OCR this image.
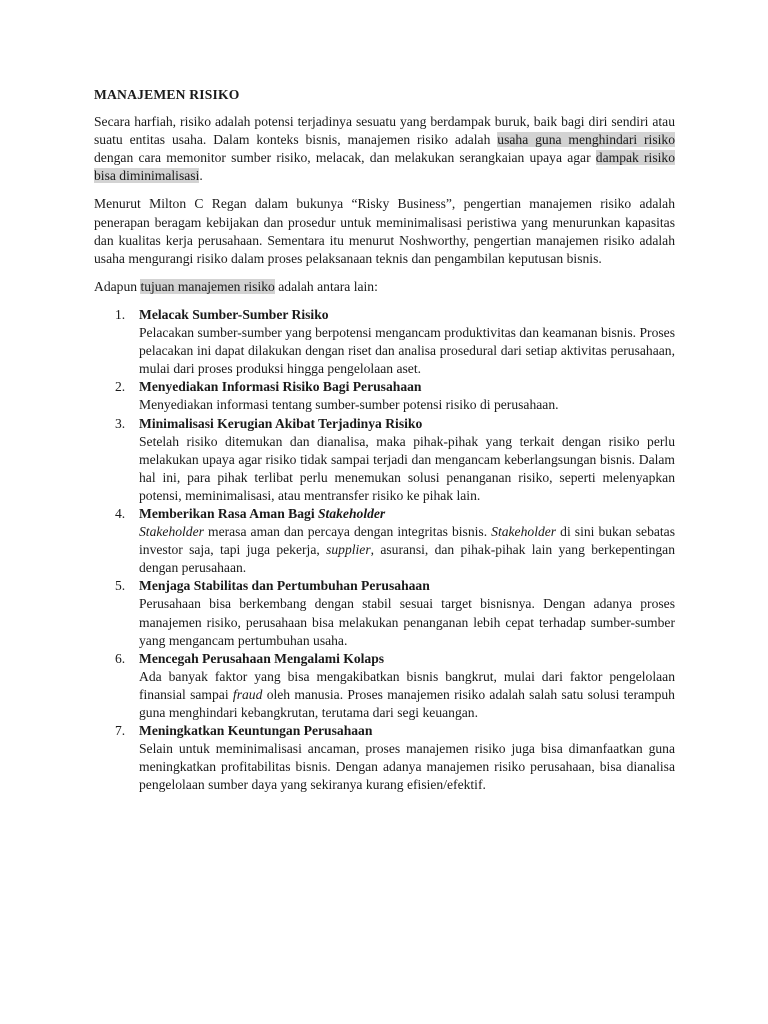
MANAJEMEN RISIKO

Secara harfiah, risiko adalah potensi terjadinya sesuatu yang berdampak buruk, baik bagi diri sendiri atau suatu entitas usaha. Dalam konteks bisnis, manajemen risiko adalah usaha guna menghindari risiko dengan cara memonitor sumber risiko, melacak, dan melakukan serangkaian upaya agar dampak risiko bisa diminimalisasi.

Menurut Milton C Regan dalam bukunya “Risky Business”, pengertian manajemen risiko adalah penerapan beragam kebijakan dan prosedur untuk meminimalisasi peristiwa yang menurunkan kapasitas dan kualitas kerja perusahaan. Sementara itu menurut Noshworthy, pengertian manajemen risiko adalah usaha mengurangi risiko dalam proses pelaksanaan teknis dan pengambilan keputusan bisnis.

Adapun tujuan manajemen risiko adalah antara lain:

1. Melacak Sumber-Sumber Risiko
Pelacakan sumber-sumber yang berpotensi mengancam produktivitas dan keamanan bisnis. Proses pelacakan ini dapat dilakukan dengan riset dan analisa prosedural dari setiap aktivitas perusahaan, mulai dari proses produksi hingga pengelolaan aset.
2. Menyediakan Informasi Risiko Bagi Perusahaan
Menyediakan informasi tentang sumber-sumber potensi risiko di perusahaan.
3. Minimalisasi Kerugian Akibat Terjadinya Risiko
Setelah risiko ditemukan dan dianalisa, maka pihak-pihak yang terkait dengan risiko perlu melakukan upaya agar risiko tidak sampai terjadi dan mengancam keberlangsungan bisnis. Dalam hal ini, para pihak terlibat perlu menemukan solusi penanganan risiko, seperti melenyapkan potensi, meminimalisasi, atau mentransfer risiko ke pihak lain.
4. Memberikan Rasa Aman Bagi Stakeholder
Stakeholder merasa aman dan percaya dengan integritas bisnis. Stakeholder di sini bukan sebatas investor saja, tapi juga pekerja, supplier, asuransi, dan pihak-pihak lain yang berkepentingan dengan perusahaan.
5. Menjaga Stabilitas dan Pertumbuhan Perusahaan
Perusahaan bisa berkembang dengan stabil sesuai target bisnisnya. Dengan adanya proses manajemen risiko, perusahaan bisa melakukan penanganan lebih cepat terhadap sumber-sumber yang mengancam pertumbuhan usaha.
6. Mencegah Perusahaan Mengalami Kolaps
Ada banyak faktor yang bisa mengakibatkan bisnis bangkrut, mulai dari faktor pengelolaan finansial sampai fraud oleh manusia. Proses manajemen risiko adalah salah satu solusi terampuh guna menghindari kebangkrutan, terutama dari segi keuangan.
7. Meningkatkan Keuntungan Perusahaan
Selain untuk meminimalisasi ancaman, proses manajemen risiko juga bisa dimanfaatkan guna meningkatkan profitabilitas bisnis. Dengan adanya manajemen risiko perusahaan, bisa dianalisa pengelolaan sumber daya yang sekiranya kurang efisien/efektif.
